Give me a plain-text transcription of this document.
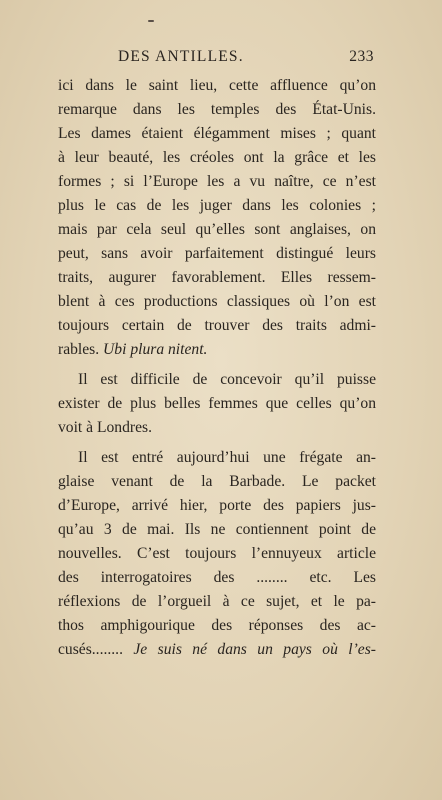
DES ANTILLES.	233
ici dans le saint lieu, cette affluence qu’on
remarque dans les temples des État-Unis.
Les dames étaient élégamment mises ; quant
à leur beauté, les créoles ont la grâce et les
formes ; si l’Europe les a vu naître, ce n’est
plus le cas de les juger dans les colonies ;
mais par cela seul qu’elles sont anglaises, on
peut, sans avoir parfaitement distingué leurs
traits, augurer favorablement. Elles ressem-
blent à ces productions classiques où l’on est
toujours certain de trouver des traits admi-
rables. Ubi plura nitent.
Il est difficile de concevoir qu’il puisse
exister de plus belles femmes que celles qu’on
voit à Londres.
Il est entré aujourd’hui une frégate an-
glaise venant de la Barbade. Le packet
d’Europe, arrivé hier, porte des papiers jus-
qu’au 3 de mai. Ils ne contiennent point de
nouvelles. C’est toujours l’ennuyeux article
des interrogatoires des ........ etc. Les
réflexions de l’orgueil à ce sujet, et le pa-
thos amphigourique des réponses des ac-
cusés........ Je suis né dans un pays où l’es-
